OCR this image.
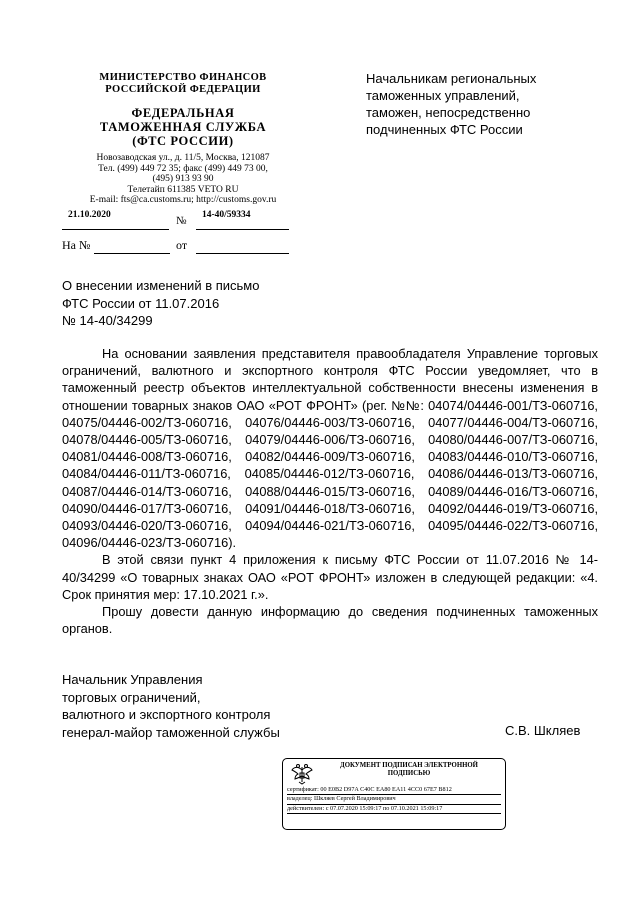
МИНИСТЕРСТВО ФИНАНСОВ
РОССИЙСКОЙ ФЕДЕРАЦИИ
ФЕДЕРАЛЬНАЯ
ТАМОЖЕННАЯ СЛУЖБА
(ФТС РОССИИ)
Новозаводская ул., д. 11/5, Москва, 121087
Тел. (499) 449 72 35; факс (499) 449 73 00,
(495) 913 93 90
Телетайп 611385 VETO RU
E-mail: fts@ca.customs.ru; http://customs.gov.ru
21.10.2020	№ 14-40/59334
На №	от
Начальникам региональных
таможенных управлений,
таможен, непосредственно
подчиненных ФТС России
О внесении изменений в письмо
ФТС России от 11.07.2016
№ 14-40/34299

На основании заявления представителя правообладателя Управление торговых ограничений, валютного и экспортного контроля ФТС России уведомляет, что в таможенный реестр объектов интеллектуальной собственности внесены изменения в отношении товарных знаков ОАО «РОТ ФРОНТ» (рег. №№: 04074/04446-001/ТЗ-060716, 04075/04446-002/ТЗ-060716, 04076/04446-003/ТЗ-060716, 04077/04446-004/ТЗ-060716, 04078/04446-005/ТЗ-060716, 04079/04446-006/ТЗ-060716, 04080/04446-007/ТЗ-060716, 04081/04446-008/ТЗ-060716, 04082/04446-009/ТЗ-060716, 04083/04446-010/ТЗ-060716, 04084/04446-011/ТЗ-060716, 04085/04446-012/ТЗ-060716, 04086/04446-013/ТЗ-060716, 04087/04446-014/ТЗ-060716, 04088/04446-015/ТЗ-060716, 04089/04446-016/ТЗ-060716, 04090/04446-017/ТЗ-060716, 04091/04446-018/ТЗ-060716, 04092/04446-019/ТЗ-060716, 04093/04446-020/ТЗ-060716, 04094/04446-021/ТЗ-060716, 04095/04446-022/ТЗ-060716, 04096/04446-023/ТЗ-060716).

В этой связи пункт 4 приложения к письму ФТС России от 11.07.2016 № 14-40/34299 «О товарных знаках ОАО «РОТ ФРОНТ» изложен в следующей редакции: «4. Срок принятия мер: 17.10.2021 г.».

Прошу довести данную информацию до сведения подчиненных таможенных органов.

Начальник Управления
торговых ограничений,
валютного и экспортного контроля
генерал-майор таможенной службы	С.В. Шкляев
ДОКУМЕНТ ПОДПИСАН ЭЛЕКТРОННОЙ
ПОДПИСЬЮ
сертификат: 00 E0B2 D97A C40C EA80 EA11 4CC0 67E7 B812
владелец: Шкляев Сергей Владимирович
действителен: с 07.07.2020 15:09:17 по 07.10.2021 15:09:17
